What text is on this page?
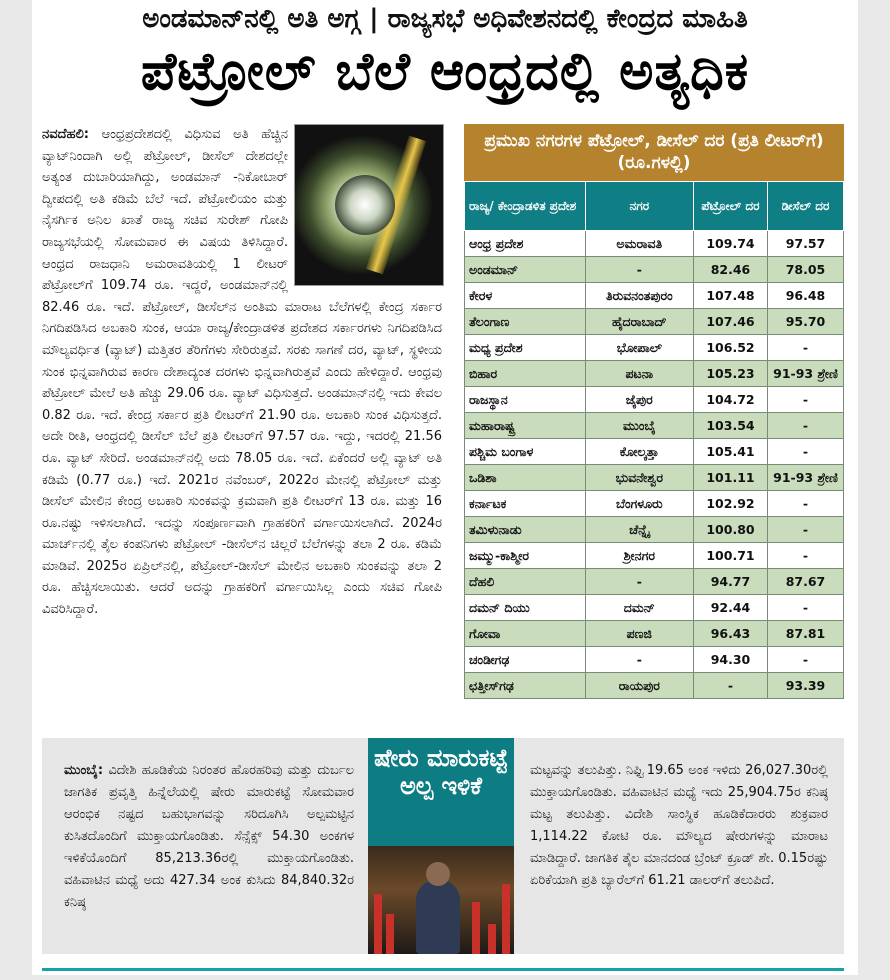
ಅಂಡಮಾನ್‌ನಲ್ಲಿ ಅತಿ ಅಗ್ಗ | ರಾಜ್ಯಸಭೆ ಅಧಿವೇಶನದಲ್ಲಿ ಕೇಂದ್ರದ ಮಾಹಿತಿ
ಪೆಟ್ರೋಲ್ ಬೆಲೆ ಆಂಧ್ರದಲ್ಲಿ ಅತ್ಯಧಿಕ
ನವದೆಹಲಿ: ಆಂಧ್ರಪ್ರದೇಶದಲ್ಲಿ ವಿಧಿಸುವ ಅತಿ ಹೆಚ್ಚಿನ ವ್ಯಾಟ್‌ನಿಂದಾಗಿ ಅಲ್ಲಿ ಪೆಟ್ರೋಲ್, ಡೀಸೆಲ್ ದೇಶದಲ್ಲೇ ಅತ್ಯಂತ ದುಬಾರಿಯಾಗಿದ್ದು, ಅಂಡಮಾನ್ -ನಿಕೋಬಾರ್ ದ್ವೀಪದಲ್ಲಿ ಅತಿ ಕಡಿಮೆ ಬೆಲೆ ಇದೆ. ಪೆಟ್ರೋಲಿಯಂ ಮತ್ತು ನೈಸರ್ಗಿಕ ಅನಿಲ ಖಾತೆ ರಾಜ್ಯ ಸಚಿವ ಸುರೇಶ್ ಗೋಪಿ ರಾಜ್ಯಸಭೆಯಲ್ಲಿ ಸೋಮವಾರ ಈ ವಿಷಯ ತಿಳಿಸಿದ್ದಾರೆ. ಆಂಧ್ರದ ರಾಜಧಾನಿ ಅಮರಾವತಿಯಲ್ಲಿ 1 ಲೀಟರ್ ಪೆಟ್ರೋಲ್‌ಗೆ 109.74 ರೂ. ಇದ್ದರೆ, ಅಂಡಮಾನ್‌ನಲ್ಲಿ 82.46 ರೂ. ಇದೆ. ಪೆಟ್ರೋಲ್, ಡೀಸೆಲ್‌ನ ಅಂತಿಮ ಮಾರಾಟ ಬೆಲೆಗಳಲ್ಲಿ ಕೇಂದ್ರ ಸರ್ಕಾರ ನಿಗದಿಪಡಿಸಿದ ಅಬಕಾರಿ ಸುಂಕ, ಆಯಾ ರಾಜ್ಯ/ಕೇಂದ್ರಾಡಳಿತ ಪ್ರದೇಶದ ಸರ್ಕಾರಗಳು ನಿಗದಿಪಡಿಸಿದ ಮೌಲ್ಯವರ್ಧಿತ (ವ್ಯಾಟ್) ಮತ್ತಿತರ ತೆರಿಗೆಗಳು ಸೇರಿರುತ್ತವೆ. ಸರಕು ಸಾಗಣೆ ದರ, ವ್ಯಾಟ್, ಸ್ಥಳೀಯ ಸುಂಕ ಭಿನ್ನವಾಗಿರುವ ಕಾರಣ ದೇಶಾದ್ಯಂತ ದರಗಳು ಭಿನ್ನವಾಗಿರುತ್ತವೆ ಎಂದು ಹೇಳಿದ್ದಾರೆ. ಆಂಧ್ರವು ಪೆಟ್ರೋಲ್ ಮೇಲೆ ಅತಿ ಹೆಚ್ಚು 29.06 ರೂ. ವ್ಯಾಟ್ ವಿಧಿಸುತ್ತದೆ. ಅಂಡಮಾನ್‌ನಲ್ಲಿ ಇದು ಕೇವಲ 0.82 ರೂ. ಇದೆ. ಕೇಂದ್ರ ಸರ್ಕಾರ ಪ್ರತಿ ಲೀಟರ್‌ಗೆ 21.90 ರೂ. ಅಬಕಾರಿ ಸುಂಕ ವಿಧಿಸುತ್ತದೆ. ಅದೇ ರೀತಿ, ಆಂಧ್ರದಲ್ಲಿ ಡೀಸೆಲ್ ಬೆಲೆ ಪ್ರತಿ ಲೀಟರ್‌ಗೆ 97.57 ರೂ. ಇದ್ದು, ಇದರಲ್ಲಿ 21.56 ರೂ. ವ್ಯಾಟ್ ಸೇರಿದೆ. ಅಂಡಮಾನ್‌ನಲ್ಲಿ ಅದು 78.05 ರೂ. ಇದೆ. ಏಕೆಂದರೆ ಅಲ್ಲಿ ವ್ಯಾಟ್ ಅತಿ ಕಡಿಮೆ (0.77 ರೂ.) ಇದೆ. 2021ರ ನವೆಂಬರ್, 2022ರ ಮೇನಲ್ಲಿ ಪೆಟ್ರೋಲ್ ಮತ್ತು ಡೀಸೆಲ್ ಮೇಲಿನ ಕೇಂದ್ರ ಅಬಕಾರಿ ಸುಂಕವನ್ನು ಕ್ರಮವಾಗಿ ಪ್ರತಿ ಲೀಟರ್‌ಗೆ 13 ರೂ. ಮತ್ತು 16 ರೂ.ನಷ್ಟು ಇಳಿಸಲಾಗಿದೆ. ಇದನ್ನು ಸಂಪೂರ್ಣವಾಗಿ ಗ್ರಾಹಕರಿಗೆ ವರ್ಗಾಯಿಸಲಾಗಿದೆ. 2024ರ ಮಾರ್ಚ್‌ನಲ್ಲಿ ತೈಲ ಕಂಪನಿಗಳು ಪೆಟ್ರೋಲ್ -ಡೀಸೆಲ್‌ನ ಚಿಲ್ಲರೆ ಬೆಲೆಗಳನ್ನು ತಲಾ 2 ರೂ. ಕಡಿಮೆ ಮಾಡಿವೆ. 2025ರ ಏಪ್ರಿಲ್‌ನಲ್ಲಿ, ಪೆಟ್ರೋಲ್-ಡೀಸೆಲ್ ಮೇಲಿನ ಅಬಕಾರಿ ಸುಂಕವನ್ನು ತಲಾ 2 ರೂ. ಹೆಚ್ಚಿಸಲಾಯಿತು. ಆದರೆ ಅದನ್ನು ಗ್ರಾಹಕರಿಗೆ ವರ್ಗಾಯಿಸಿಲ್ಲ ಎಂದು ಸಚಿವ ಗೋಪಿ ವಿವರಿಸಿದ್ದಾರೆ.
ಪ್ರಮುಖ ನಗರಗಳ ಪೆಟ್ರೋಲ್, ಡೀಸೆಲ್ ದರ (ಪ್ರತಿ ಲೀಟರ್‌ಗೆ) (ರೂ.ಗಳಲ್ಲಿ)
ರಾಜ್ಯ/ ಕೇಂದ್ರಾಡಳಿತ ಪ್ರದೇಶ	ನಗರ	ಪೆಟ್ರೋಲ್ ದರ	ಡೀಸೆಲ್ ದರ
ಆಂಧ್ರ ಪ್ರದೇಶ	ಅಮರಾವತಿ	109.74	97.57
ಅಂಡಮಾನ್	-	82.46	78.05
ಕೇರಳ	ತಿರುವನಂತಪುರಂ	107.48	96.48
ತೆಲಂಗಾಣ	ಹೈದರಾಬಾದ್	107.46	95.70
ಮಧ್ಯ ಪ್ರದೇಶ	ಭೋಪಾಲ್	106.52	-
ಬಿಹಾರ	ಪಟನಾ	105.23	91-93 ಶ್ರೇಣಿ
ರಾಜಸ್ಥಾನ	ಜೈಪುರ	104.72	-
ಮಹಾರಾಷ್ಟ್ರ	ಮುಂಬೈ	103.54	-
ಪಶ್ಚಿಮ ಬಂಗಾಳ	ಕೋಲ್ಕತ್ತಾ	105.41	-
ಒಡಿಶಾ	ಭುವನೇಶ್ವರ	101.11	91-93 ಶ್ರೇಣಿ
ಕರ್ನಾಟಕ	ಬೆಂಗಳೂರು	102.92	-
ತಮಿಳುನಾಡು	ಚೆನ್ನೈ	100.80	-
ಜಮ್ಮು-ಕಾಶ್ಮೀರ	ಶ್ರೀನಗರ	100.71	-
ದೆಹಲಿ	-	94.77	87.67
ದಮನ್ ದಿಯು	ದಮನ್	92.44	-
ಗೋವಾ	ಪಣಜಿ	96.43	87.81
ಚಂಡೀಗಢ	-	94.30	-
ಛತ್ತೀಸ್‌ಗಢ	ರಾಯಪುರ	-	93.39
ಮುಂಬೈ: ವಿದೇಶಿ ಹೂಡಿಕೆಯ ನಿರಂತರ ಹೊರಹರಿವು ಮತ್ತು ದುರ್ಬಲ ಜಾಗತಿಕ ಪ್ರವೃತ್ತಿ ಹಿನ್ನೆಲೆಯಲ್ಲಿ ಷೇರು ಮಾರುಕಟ್ಟೆ ಸೋಮವಾರ ಆರಂಭಿಕ ನಷ್ಟದ ಬಹುಭಾಗವನ್ನು ಸರಿದೂಗಿಸಿ ಅಲ್ಪಮಟ್ಟಿನ ಕುಸಿತದೊಂದಿಗೆ ಮುಕ್ತಾಯಗೊಂಡಿತು. ಸೆನ್ಸೆಕ್ಸ್ 54.30 ಅಂಕಗಳ ಇಳಿಕೆಯೊಂದಿಗೆ 85,213.36ರಲ್ಲಿ ಮುಕ್ತಾಯಗೊಂಡಿತು. ವಹಿವಾಟಿನ ಮಧ್ಯೆ ಅದು 427.34 ಅಂಕ ಕುಸಿದು 84,840.32ರ ಕನಿಷ್ಠ
ಷೇರು ಮಾರುಕಟ್ಟೆ ಅಲ್ಪ ಇಳಿಕೆ
ಮಟ್ಟವನ್ನು ತಲುಪಿತ್ತು. ನಿಫ್ಟಿ 19.65 ಅಂಕ ಇಳಿದು 26,027.30ರಲ್ಲಿ ಮುಕ್ತಾಯಗೊಂಡಿತು. ವಹಿವಾಟಿನ ಮಧ್ಯೆ ಇದು 25,904.75ರ ಕನಿಷ್ಠ ಮಟ್ಟ ತಲುಪಿತ್ತು. ವಿದೇಶಿ ಸಾಂಸ್ಥಿಕ ಹೂಡಿಕೆದಾರರು ಶುಕ್ರವಾರ 1,114.22 ಕೋಟಿ ರೂ. ಮೌಲ್ಯದ ಷೇರುಗಳನ್ನು ಮಾರಾಟ ಮಾಡಿದ್ದಾರೆ. ಜಾಗತಿಕ ತೈಲ ಮಾನದಂಡ ಬ್ರೆಂಟ್ ಕ್ರೂಡ್ ಶೇ. 0.15ರಷ್ಟು ಏರಿಕೆಯಾಗಿ ಪ್ರತಿ ಬ್ಯಾರೆಲ್‌ಗೆ 61.21 ಡಾಲರ್‌ಗೆ ತಲುಪಿದೆ.
